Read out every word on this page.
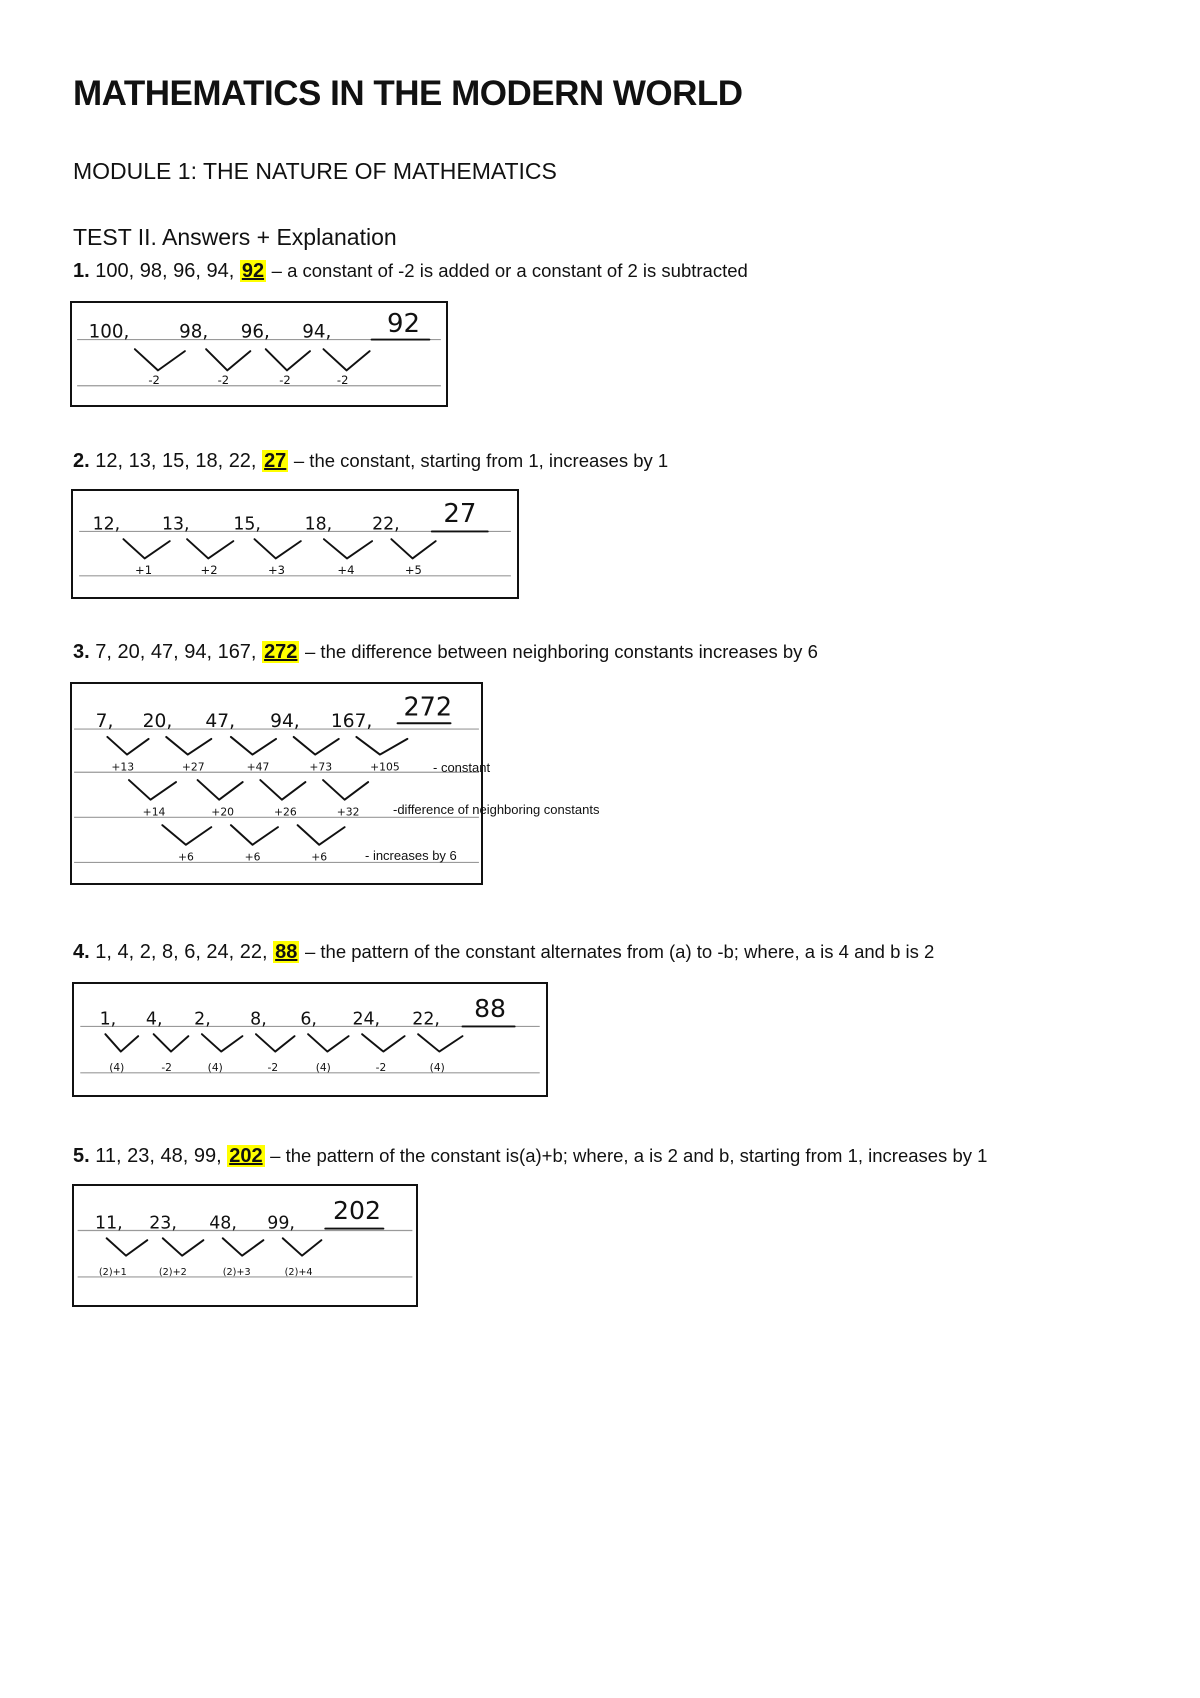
MATHEMATICS IN THE MODERN WORLD
MODULE 1: THE NATURE OF MATHEMATICS
TEST II. Answers + Explanation
1. 100, 98, 96, 94, 92 – a constant of -2 is added or a constant of 2 is subtracted
100,	98, 96, 94, 92
-2	-2	-2	-2
2. 12, 13, 15, 18, 22, 27 – the constant, starting from 1, increases by 1
12, 13, 15, 18, 22, 27
+1	+2	+3	+4	+5
3. 7, 20, 47, 94, 167, 272 – the difference between neighboring constants increases by 6
7, 20, 47, 94, 167, 272
+13	+27	+47	+73	+105
+14	+20	+26	+32
+6	+6	+6
- constant
-difference of neighboring constants
- increases by 6
4. 1, 4, 2, 8, 6, 24, 22, 88 – the pattern of the constant alternates from (a) to -b; where, a is 4 and b is 2
1, 4, 2, 8, 6, 24, 22, 88
(4)	-2	(4)	-2	(4)	-2	(4)
5. 11, 23, 48, 99, 202 – the pattern of the constant is(a)+b; where, a is 2 and b, starting from 1, increases by 1
11, 23, 48, 99, 202
(2)+1	(2)+2	(2)+3	(2)+4
